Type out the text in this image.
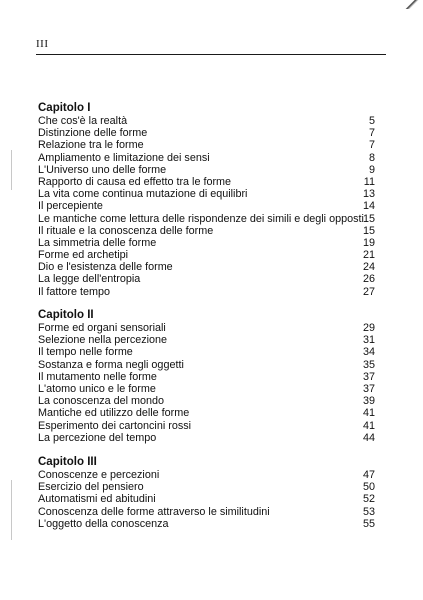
III
Capitolo I
Che cos'è la realtà	5
Distinzione delle forme	7
Relazione tra le forme	7
Ampliamento e limitazione dei sensi	8
L'Universo uno delle forme	9
Rapporto di causa ed effetto tra le forme	11
La vita come continua mutazione di equilibri	13
Il percepiente	14
Le mantiche come lettura delle rispondenze dei simili e degli opposti 15
Il rituale e la conoscenza delle forme	15
La simmetria delle forme	19
Forme ed archetipi	21
Dio e l'esistenza delle forme	24
La legge dell'entropia	26
Il fattore tempo	27
Capitolo II
Forme ed organi sensoriali	29
Selezione nella percezione	31
Il tempo nelle forme	34
Sostanza e forma negli oggetti	35
Il mutamento nelle forme	37
L'atomo unico e le forme	37
La conoscenza del mondo	39
Mantiche ed utilizzo delle forme	41
Esperimento dei cartoncini rossi	41
La percezione del tempo	44
Capitolo III
Conoscenze e percezioni	47
Esercizio del pensiero	50
Automatismi ed abitudini	52
Conoscenza delle forme attraverso le similitudini	53
L'oggetto della conoscenza	55
